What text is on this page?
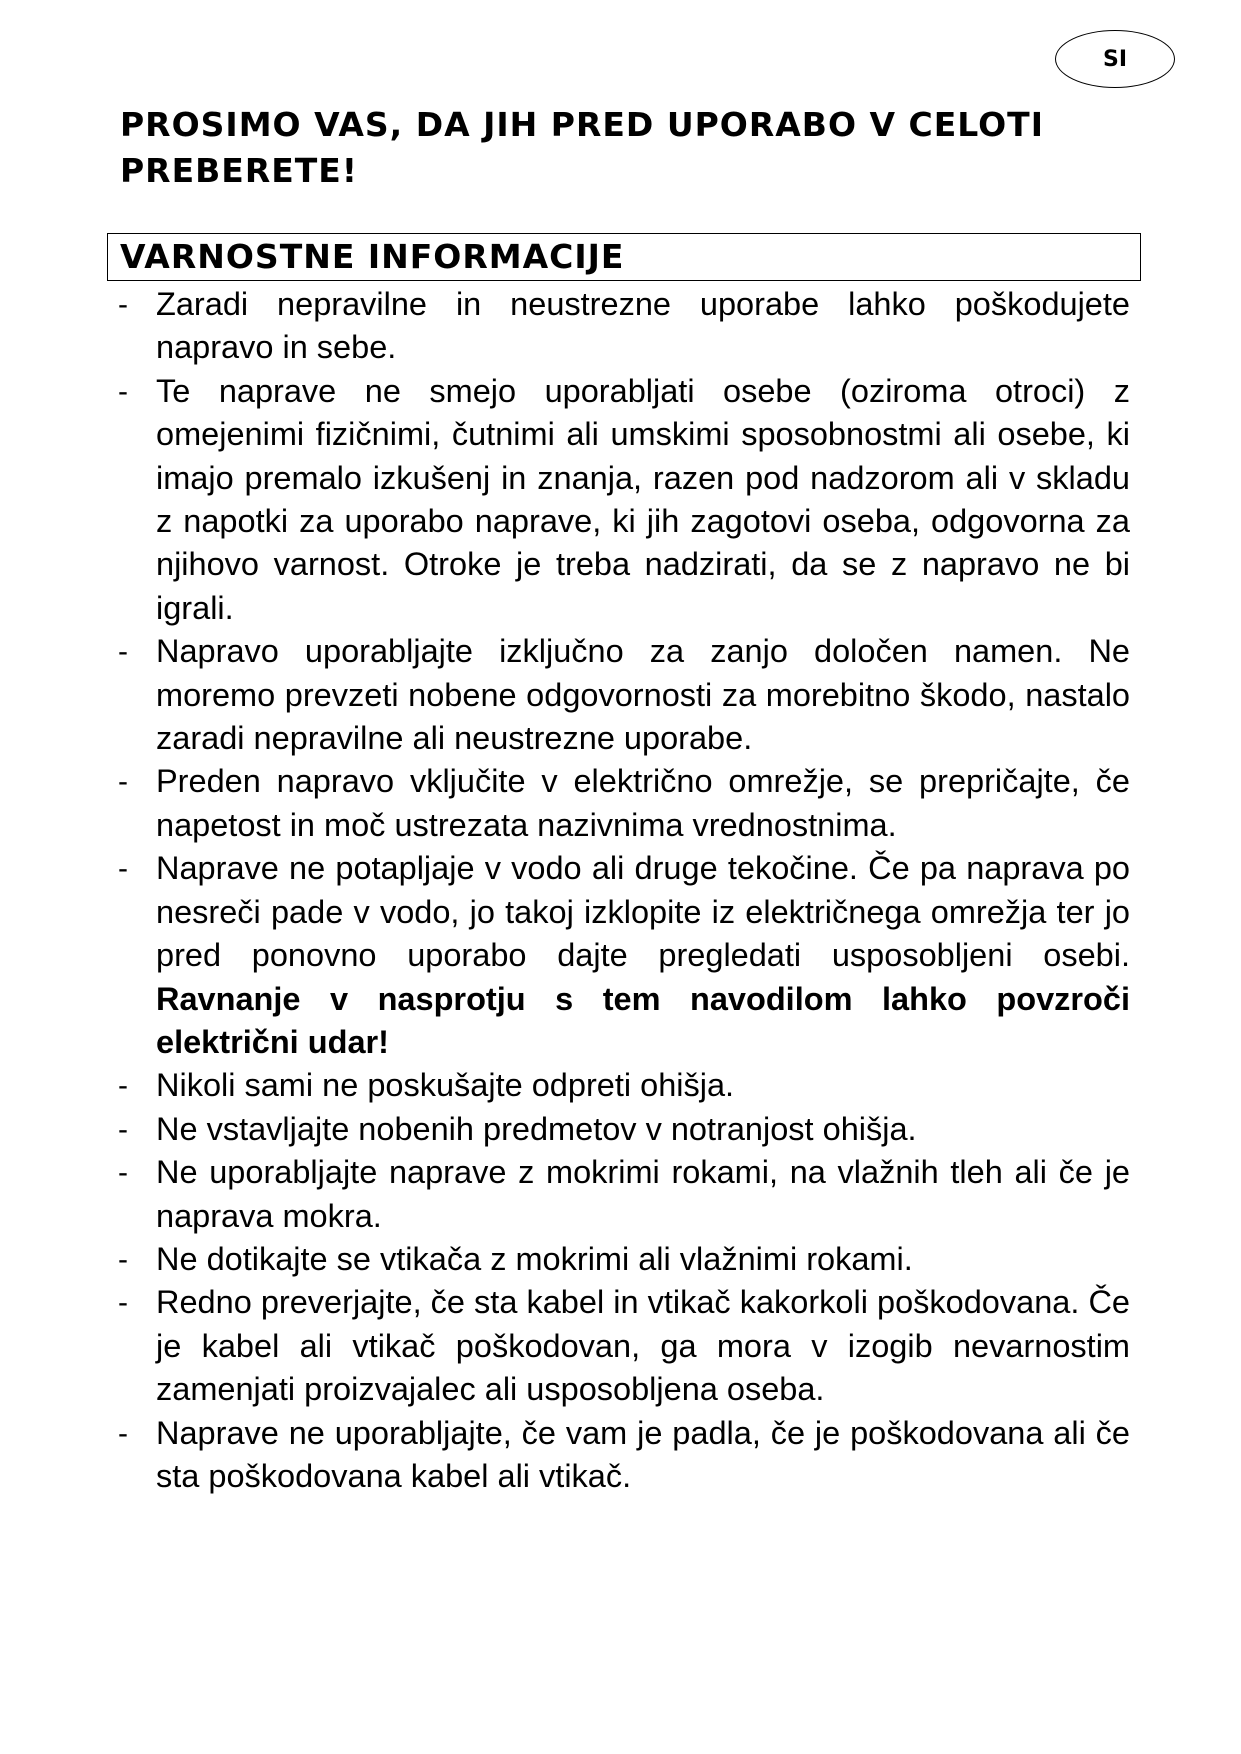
SI
PROSIMO VAS, DA JIH PRED UPORABO V CELOTI PREBERETE!
VARNOSTNE INFORMACIJE
- Zaradi nepravilne in neustrezne uporabe lahko poškodujete napravo in sebe.
- Te naprave ne smejo uporabljati osebe (oziroma otroci) z omejenimi fizičnimi, čutnimi ali umskimi sposobnostmi ali osebe, ki imajo premalo izkušenj in znanja, razen pod nadzorom ali v skladu z napotki za uporabo naprave, ki jih zagotovi oseba, odgovorna za njihovo varnost. Otroke je treba nadzirati, da se z napravo ne bi igrali.
- Napravo uporabljajte izključno za zanjo določen namen. Ne moremo prevzeti nobene odgovornosti za morebitno škodo, nastalo zaradi nepravilne ali neustrezne uporabe.
- Preden napravo vključite v električno omrežje, se prepričajte, če napetost in moč ustrezata nazivnima vrednostnima.
- Naprave ne potapljaje v vodo ali druge tekočine. Če pa naprava po nesreči pade v vodo, jo takoj izklopite iz električnega omrežja ter jo pred ponovno uporabo dajte pregledati usposobljeni osebi. Ravnanje v nasprotju s tem navodilom lahko povzroči električni udar!
- Nikoli sami ne poskušajte odpreti ohišja.
- Ne vstavljajte nobenih predmetov v notranjost ohišja.
- Ne uporabljajte naprave z mokrimi rokami, na vlažnih tleh ali če je naprava mokra.
- Ne dotikajte se vtikača z mokrimi ali vlažnimi rokami.
- Redno preverjajte, če sta kabel in vtikač kakorkoli poškodovana. Če je kabel ali vtikač poškodovan, ga mora v izogib nevarnostim zamenjati proizvajalec ali usposobljena oseba.
- Naprave ne uporabljajte, če vam je padla, če je poškodovana ali če sta poškodovana kabel ali vtikač.
